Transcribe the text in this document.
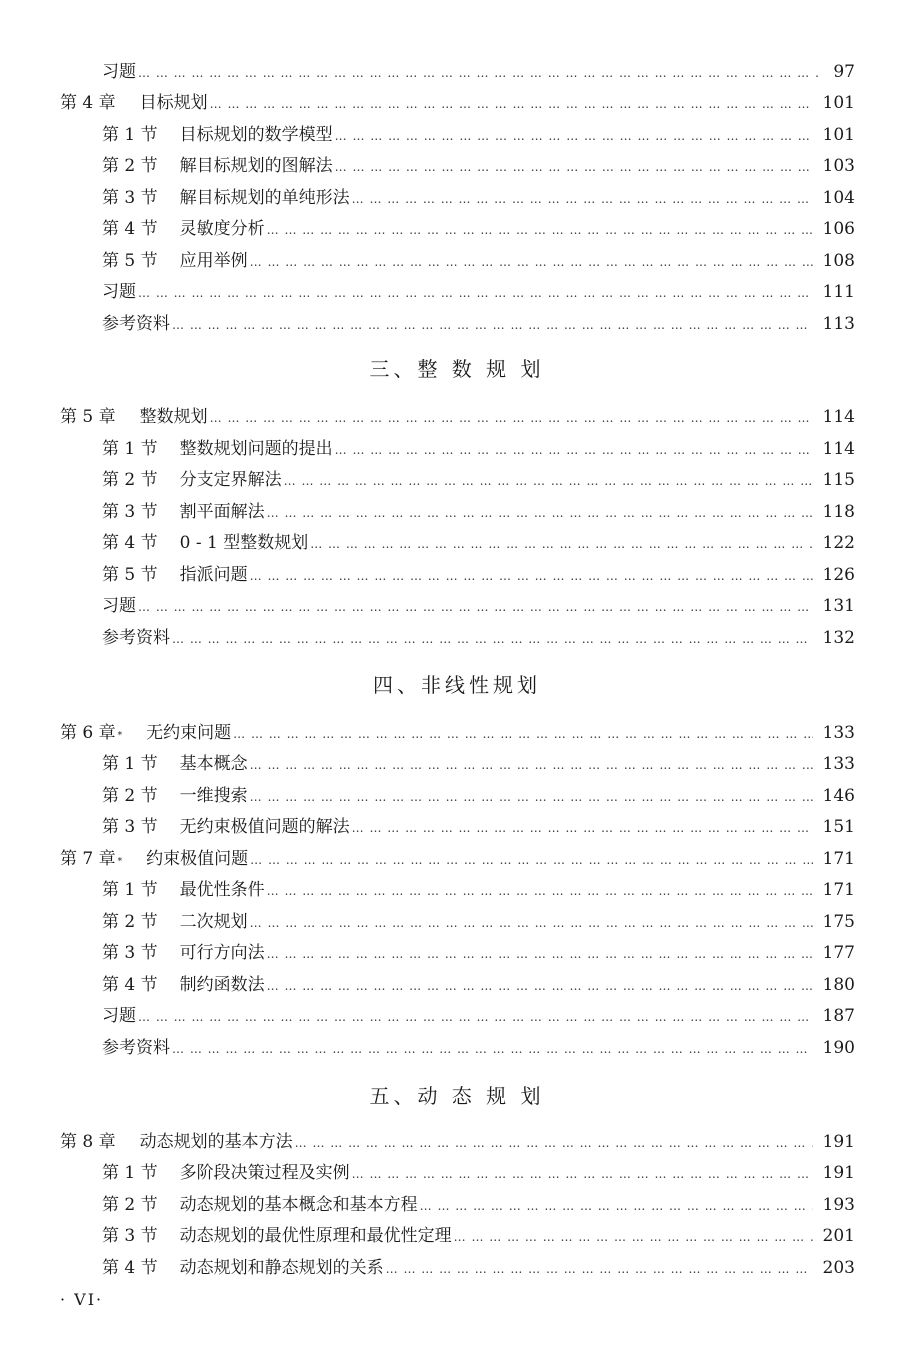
习题 … … … … … … … … … … … … … … … … … … … … … … … … … … … … … … … … … … … … … … … … … … … … … … … … … … … … … … … … … …	97
第 4 章 目标规划 … … … … … … … … … … … … … … … … … … … … … … … … … … … … … … … … … … … … … … … … … … … … … … … … … … … … … … … … … …	101
第 1 节 目标规划的数学模型 … … … … … … … … … … … … … … … … … … … … … … … … … … … … … … … … … … … … … … … … … … … … … … … … … … … … … … … … … …	101
第 2 节 解目标规划的图解法 … … … … … … … … … … … … … … … … … … … … … … … … … … … … … … … … … … … … … … … … … … … … … … … … … … … … … … … … … …	103
第 3 节 解目标规划的单纯形法 … … … … … … … … … … … … … … … … … … … … … … … … … … … … … … … … … … … … … … … … … … … … … … … … … … … … … … … … … …	104
第 4 节 灵敏度分析 … … … … … … … … … … … … … … … … … … … … … … … … … … … … … … … … … … … … … … … … … … … … … … … … … … … … … … … … … …	106
第 5 节 应用举例 … … … … … … … … … … … … … … … … … … … … … … … … … … … … … … … … … … … … … … … … … … … … … … … … … … … … … … … … … …	108
习题 … … … … … … … … … … … … … … … … … … … … … … … … … … … … … … … … … … … … … … … … … … … … … … … … … … … … … … … … … …	111
参考资料 … … … … … … … … … … … … … … … … … … … … … … … … … … … … … … … … … … … … … … … … … … … … … … … … … … … … … … … … … …	113
三、整 数 规 划
第 5 章 整数规划 … … … … … … … … … … … … … … … … … … … … … … … … … … … … … … … … … … … … … … … … … … … … … … … … … … … … … … … … … …	114
第 1 节 整数规划问题的提出 … … … … … … … … … … … … … … … … … … … … … … … … … … … … … … … … … … … … … … … … … … … … … … … … … … … … … … … … … …	114
第 2 节 分支定界解法 … … … … … … … … … … … … … … … … … … … … … … … … … … … … … … … … … … … … … … … … … … … … … … … … … … … … … … … … … …	115
第 3 节 割平面解法 … … … … … … … … … … … … … … … … … … … … … … … … … … … … … … … … … … … … … … … … … … … … … … … … … … … … … … … … … …	118
第 4 节 0 - 1 型整数规划 … … … … … … … … … … … … … … … … … … … … … … … … … … … … … … … … … … … … … … … … … … … … … … … … … … … … … … … … … …	122
第 5 节 指派问题 … … … … … … … … … … … … … … … … … … … … … … … … … … … … … … … … … … … … … … … … … … … … … … … … … … … … … … … … … …	126
习题 … … … … … … … … … … … … … … … … … … … … … … … … … … … … … … … … … … … … … … … … … … … … … … … … … … … … … … … … … …	131
参考资料 … … … … … … … … … … … … … … … … … … … … … … … … … … … … … … … … … … … … … … … … … … … … … … … … … … … … … … … … … …	132
四、非线性规划
第 6 章 * 无约束问题 … … … … … … … … … … … … … … … … … … … … … … … … … … … … … … … … … … … … … … … … … … … … … … … … … … … … … … … … … …	133
第 1 节 基本概念 … … … … … … … … … … … … … … … … … … … … … … … … … … … … … … … … … … … … … … … … … … … … … … … … … … … … … … … … … …	133
第 2 节 一维搜索 … … … … … … … … … … … … … … … … … … … … … … … … … … … … … … … … … … … … … … … … … … … … … … … … … … … … … … … … … …	146
第 3 节 无约束极值问题的解法 … … … … … … … … … … … … … … … … … … … … … … … … … … … … … … … … … … … … … … … … … … … … … … … … … … … … … … … … … …	151
第 7 章 * 约束极值问题 … … … … … … … … … … … … … … … … … … … … … … … … … … … … … … … … … … … … … … … … … … … … … … … … … … … … … … … … … …	171
第 1 节 最优性条件 … … … … … … … … … … … … … … … … … … … … … … … … … … … … … … … … … … … … … … … … … … … … … … … … … … … … … … … … … …	171
第 2 节 二次规划 … … … … … … … … … … … … … … … … … … … … … … … … … … … … … … … … … … … … … … … … … … … … … … … … … … … … … … … … … …	175
第 3 节 可行方向法 … … … … … … … … … … … … … … … … … … … … … … … … … … … … … … … … … … … … … … … … … … … … … … … … … … … … … … … … … …	177
第 4 节 制约函数法 … … … … … … … … … … … … … … … … … … … … … … … … … … … … … … … … … … … … … … … … … … … … … … … … … … … … … … … … … …	180
习题 … … … … … … … … … … … … … … … … … … … … … … … … … … … … … … … … … … … … … … … … … … … … … … … … … … … … … … … … … …	187
参考资料 … … … … … … … … … … … … … … … … … … … … … … … … … … … … … … … … … … … … … … … … … … … … … … … … … … … … … … … … … …	190
五、动 态 规 划
第 8 章 动态规划的基本方法 … … … … … … … … … … … … … … … … … … … … … … … … … … … … … … … … … … … … … … … … … … … … … … … … … … … … … … … … … …	191
第 1 节 多阶段决策过程及实例 … … … … … … … … … … … … … … … … … … … … … … … … … … … … … … … … … … … … … … … … … … … … … … … … … … … … … … … … … …	191
第 2 节 动态规划的基本概念和基本方程 … … … … … … … … … … … … … … … … … … … … … … … … … … … … … … … … … … … … … … … … … … … … … … … … … … … … … … … … … …	193
第 3 节 动态规划的最优性原理和最优性定理 … … … … … … … … … … … … … … … … … … … … … … … … … … … … … … … … … … … … … … … … … … … … … … … … … … … … … … … … … …	201
第 4 节 动态规划和静态规划的关系 … … … … … … … … … … … … … … … … … … … … … … … … … … … … … … … … … … … … … … … … … … … … … … … … … … … … … … … … … …	203
· VI·
